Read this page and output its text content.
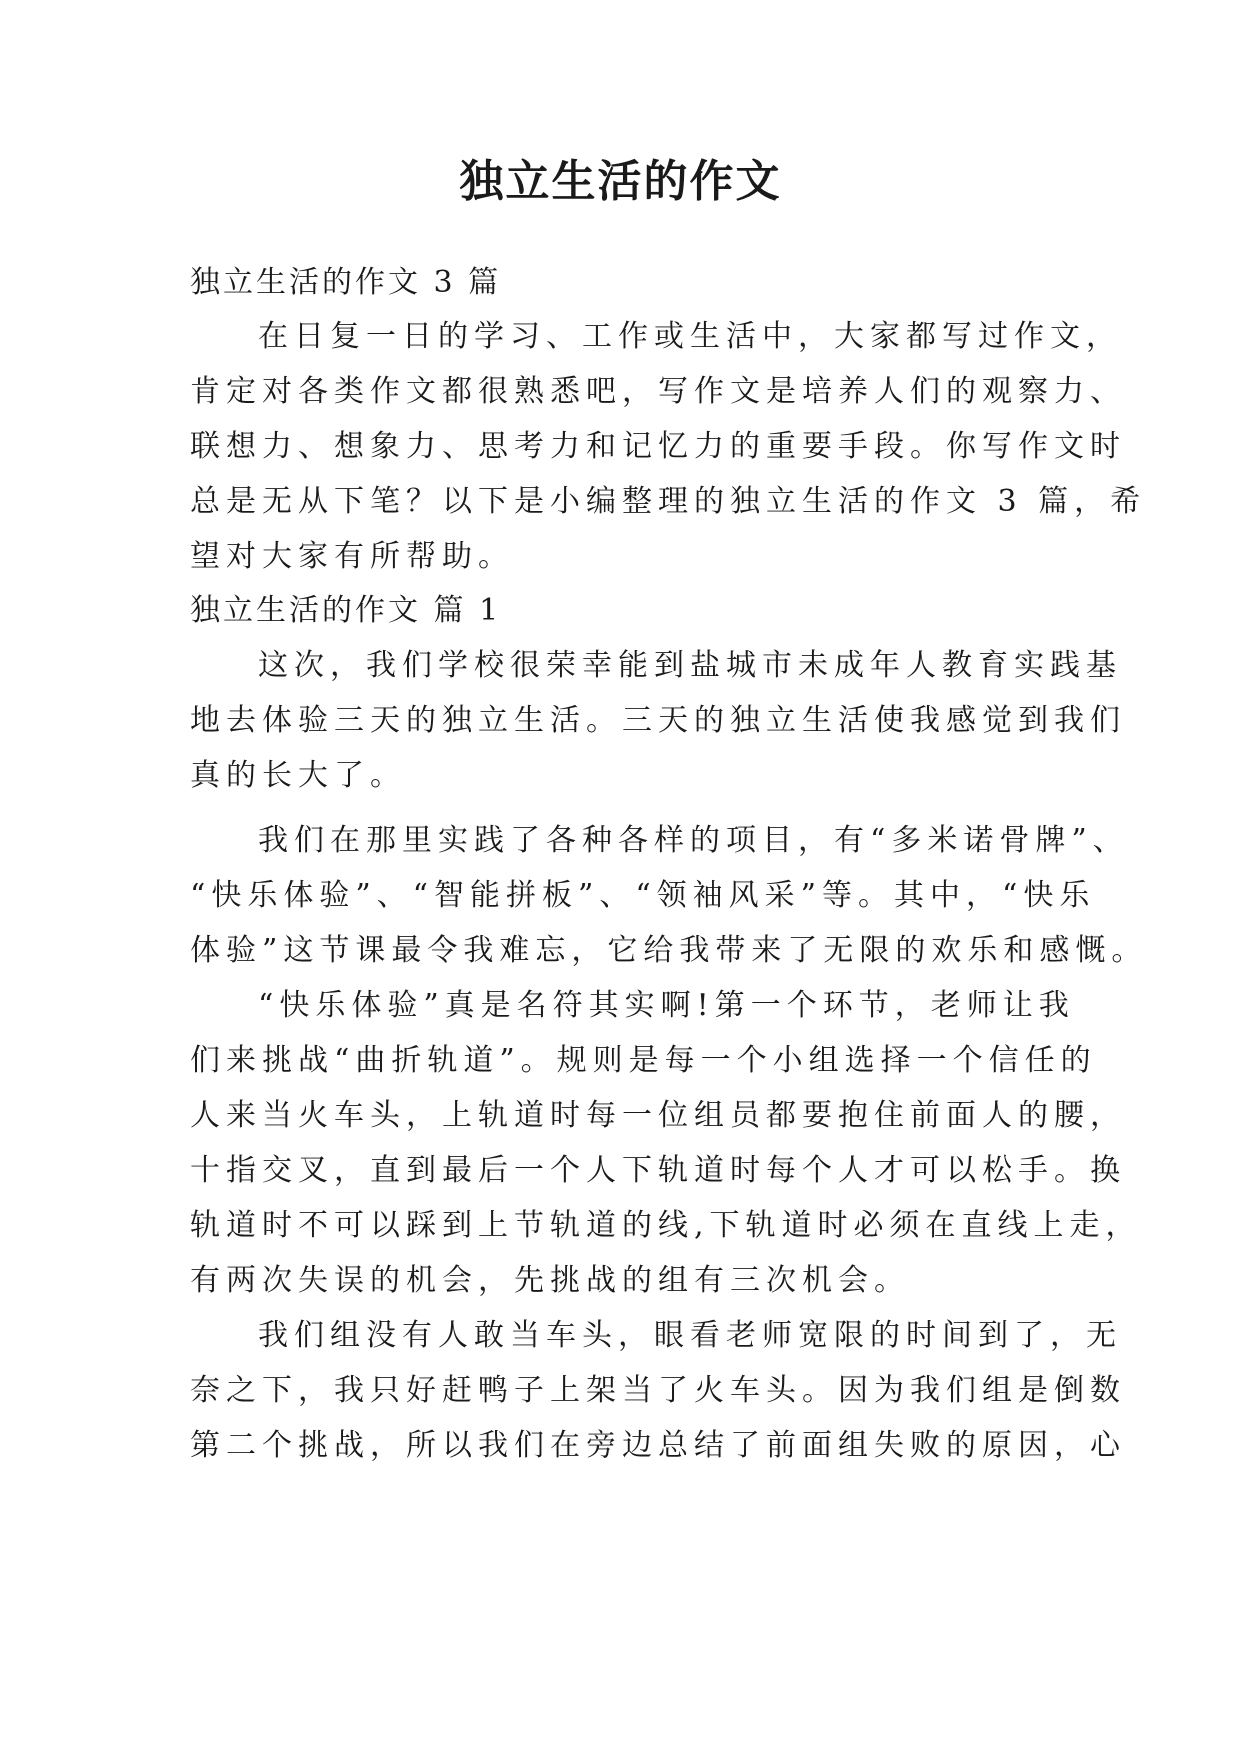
独立生活的作文
独立生活的作文 3 篇
在日复一日的学习、工作或生活中，大家都写过作文，
肯定对各类作文都很熟悉吧，写作文是培养人们的观察力、
联想力、想象力、思考力和记忆力的重要手段。你写作文时
总是无从下笔？以下是小编整理的独立生活的作文 3 篇，希
望对大家有所帮助。
独立生活的作文 篇 1
这次，我们学校很荣幸能到盐城市未成年人教育实践基
地去体验三天的独立生活。三天的独立生活使我感觉到我们
真的长大了。
我们在那里实践了各种各样的项目，有“多米诺骨牌”、
“快乐体验”、“智能拼板”、“领袖风采”等。其中，“快乐
体验”这节课最令我难忘，它给我带来了无限的欢乐和感慨。
“快乐体验”真是名符其实啊!第一个环节，老师让我
们来挑战“曲折轨道”。规则是每一个小组选择一个信任的
人来当火车头，上轨道时每一位组员都要抱住前面人的腰，
十指交叉，直到最后一个人下轨道时每个人才可以松手。换
轨道时不可以踩到上节轨道的线,下轨道时必须在直线上走，
有两次失误的机会，先挑战的组有三次机会。
我们组没有人敢当车头，眼看老师宽限的时间到了，无
奈之下，我只好赶鸭子上架当了火车头。因为我们组是倒数
第二个挑战，所以我们在旁边总结了前面组失败的原因，心
